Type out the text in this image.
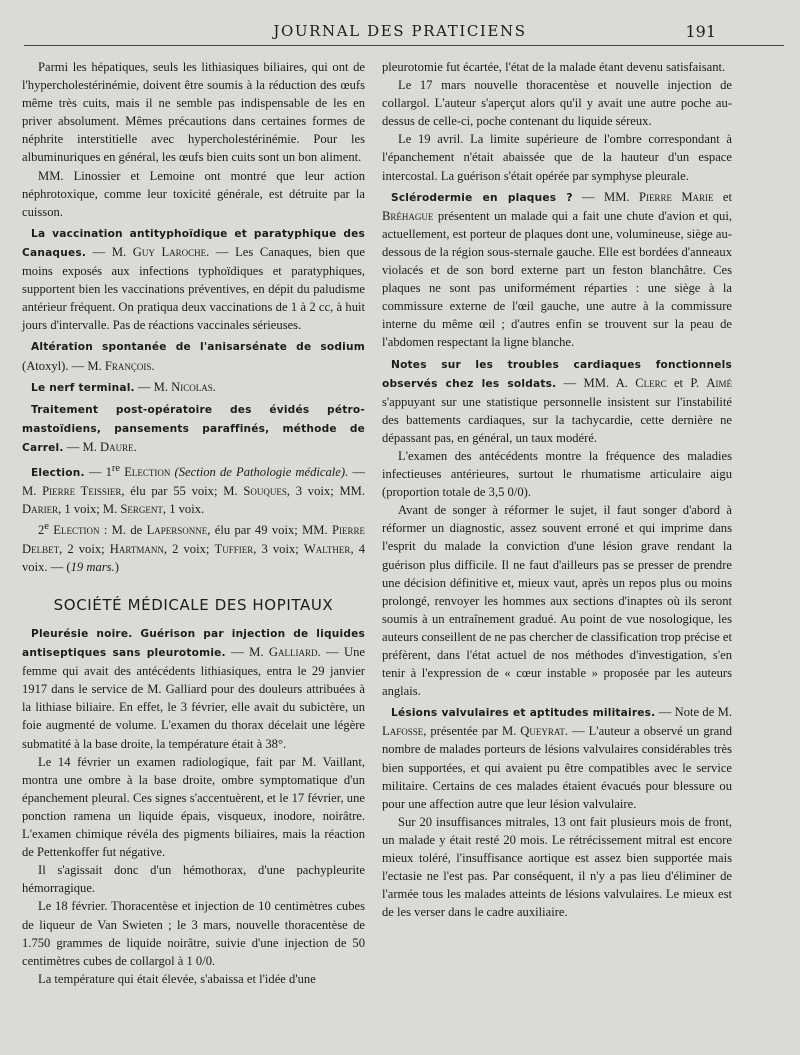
JOURNAL DES PRATICIENS	191

Parmi les hépatiques, seuls les lithiasiques biliaires, qui ont de l'hypercholestérinémie, doivent être soumis à la réduction des œufs même très cuits, mais il ne semble pas indispensable de les en priver absolument. Mêmes précautions dans certaines formes de néphrite interstitielle avec hypercholestérinémie. Pour les albuminuriques en général, les œufs bien cuits sont un bon aliment.

MM. Linossier et Lemoine ont montré que leur action néphrotoxique, comme leur toxicité générale, est détruite par la cuisson.

La vaccination antityphoïdique et paratyphique des Canaques. — M. Guy Laroche. — Les Canaques, bien que moins exposés aux infections typhoïdiques et paratyphiques, supportent bien les vaccinations préventives, en dépit du paludisme antérieur fréquent. On pratiqua deux vaccinations de 1 à 2 cc, à huit jours d'intervalle. Pas de réactions vaccinales sérieuses.

Altération spontanée de l'anisarsénate de sodium (Atoxyl). — M. François.

Le nerf terminal. — M. Nicolas.

Traitement post-opératoire des évidés pétro-mastoïdiens, pansements paraffinés, méthode de Carrel. — M. Daure.

Election. — 1re Election (Section de Pathologie médicale). — M. Pierre Teissier, élu par 55 voix; M. Souques, 3 voix; MM. Darier, 1 voix; M. Sergent, 1 voix.

2e Election : M. de Lapersonne, élu par 49 voix; MM. Pierre Delbet, 2 voix; Hartmann, 2 voix; Tuffier, 3 voix; Walther, 4 voix. — (19 mars.)

SOCIÉTÉ MÉDICALE DES HOPITAUX

Pleurésie noire. Guérison par injection de liquides antiseptiques sans pleurotomie. — M. Galliard. — Une femme qui avait des antécédents lithiasiques, entra le 29 janvier 1917 dans le service de M. Galliard pour des douleurs attribuées à la lithiase biliaire. En effet, le 3 février, elle avait du subictère, un foie augmenté de volume. L'examen du thorax décelait une légère submatité à la base droite, la température était à 38°.

Le 14 février un examen radiologique, fait par M. Vaillant, montra une ombre à la base droite, ombre symptomatique d'un épanchement pleural. Ces signes s'accentuèrent, et le 17 février, une ponction ramena un liquide épais, visqueux, inodore, noirâtre. L'examen chimique révéla des pigments biliaires, mais la réaction de Pettenkoffer fut négative.

Il s'agissait donc d'un hémothorax, d'une pachypleurite hémorragique.

Le 18 février. Thoracentèse et injection de 10 centimètres cubes de liqueur de Van Swieten ; le 3 mars, nouvelle thoracentèse de 1.750 grammes de liquide noirâtre, suivie d'une injection de 50 centimètres cubes de collargol à 1 0/0.

La température qui était élevée, s'abaissa et l'idée d'une

pleurotomie fut écartée, l'état de la malade étant devenu satisfaisant.

Le 17 mars nouvelle thoracentèse et nouvelle injection de collargol. L'auteur s'aperçut alors qu'il y avait une autre poche au-dessus de celle-ci, poche contenant du liquide séreux.

Le 19 avril. La limite supérieure de l'ombre correspondant à l'épanchement n'était abaissée que de la hauteur d'un espace intercostal. La guérison s'était opérée par symphyse pleurale.

Sclérodermie en plaques ? — MM. Pierre Marie et Bréhague présentent un malade qui a fait une chute d'avion et qui, actuellement, est porteur de plaques dont une, volumineuse, siège au-dessous de la région sous-sternale gauche. Elle est bordées d'anneaux violacés et de son bord externe part un feston blanchâtre. Ces plaques ne sont pas uniformément réparties : une siège à la commissure externe de l'œil gauche, une autre à la commissure interne du même œil ; d'autres enfin se trouvent sur la peau de l'abdomen respectant la ligne blanche.

Notes sur les troubles cardiaques fonctionnels observés chez les soldats. — MM. A. Clerc et P. Aimé s'appuyant sur une statistique personnelle insistent sur l'instabilité des battements cardiaques, sur la tachycardie, cette dernière ne dépassant pas, en général, un taux modéré.

L'examen des antécédents montre la fréquence des maladies infectieuses antérieures, surtout le rhumatisme articulaire aigu (proportion totale de 3,5 0/0).

Avant de songer à réformer le sujet, il faut songer d'abord à réformer un diagnostic, assez souvent erroné et qui imprime dans l'esprit du malade la conviction d'une lésion grave rendant la guérison plus difficile. Il ne faut d'ailleurs pas se presser de prendre une décision définitive et, mieux vaut, après un repos plus ou moins prolongé, renvoyer les hommes aux sections d'inaptes où ils seront soumis à un entraînement gradué. Au point de vue nosologique, les auteurs conseillent de ne pas chercher de classification trop précise et préfèrent, dans l'état actuel de nos méthodes d'investigation, s'en tenir à l'expression de « cœur instable » proposée par les auteurs anglais.

Lésions valvulaires et aptitudes militaires. — Note de M. Lafosse, présentée par M. Queyrat. — L'auteur a observé un grand nombre de malades porteurs de lésions valvulaires considérables très bien supportées, et qui avaient pu être compatibles avec le service militaire. Certains de ces malades étaient évacués pour blessure ou pour une affection autre que leur lésion valvulaire.

Sur 20 insuffisances mitrales, 13 ont fait plusieurs mois de front, un malade y était resté 20 mois. Le rétrécissement mitral est encore mieux toléré, l'insuffisance aortique est assez bien supportée mais l'ectasie ne l'est pas. Par conséquent, il n'y a pas lieu d'éliminer de l'armée tous les malades atteints de lésions valvulaires. Le mieux est de les verser dans le cadre auxiliaire.
